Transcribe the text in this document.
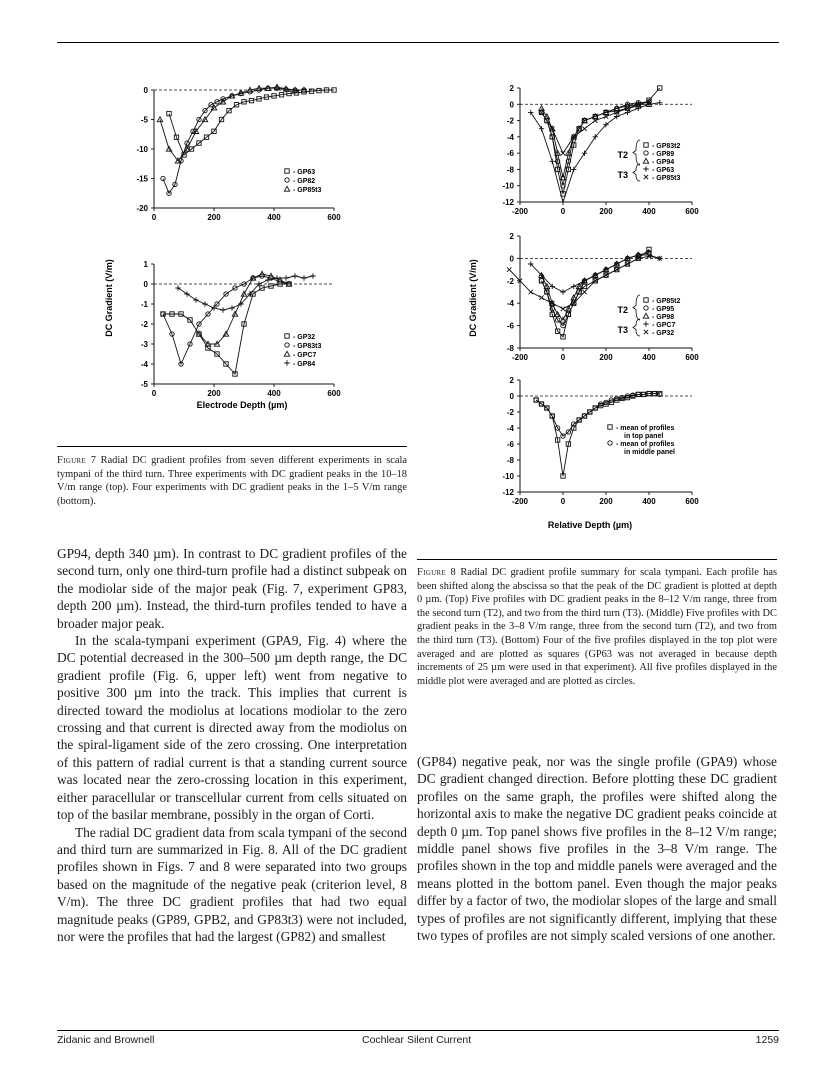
0
-5
-10
-15
-20
0	200	400	600
- GP63
- GP82
- GP85t3
1
0
-1
-2
-3
-4
-5
0	200	400	600
- GP32
- GP83t3
- GPC7
- GP84
DC Gradient (V/m)
Electrode Depth (µm)
Figure 7 Radial DC gradient profiles from seven different experiments in scala tympani of the third turn. Three experiments with DC gradient peaks in the 10–18 V/m range (top). Four experiments with DC gradient peaks in the 1–5 V/m range (bottom).
2
0
-2
-4
-6
-8
-10
-12
-200	0	200	400	600
- GP83t2
- GP89
- GP94
T2
- GP63
- GP85t3
T3
2
0
-2
-4
-6
-8
-200	0	200	400	600
- GP85t2
- GP95
- GP98
T2
- GPC7
- GP32
T3
2
0
-2
-4
-6
-8
-10
-12
-200	0	200	400	600
- mean of profiles
in top panel
- mean of profiles
in middle panel
DC Gradient (V/m)
Relative Depth (µm)
Figure 8 Radial DC gradient profile summary for scala tympani. Each profile has been shifted along the abscissa so that the peak of the DC gradient is plotted at depth 0 µm. (Top) Five profiles with DC gradient peaks in the 8–12 V/m range, three from the second turn (T2), and two from the third turn (T3). (Middle) Five profiles with DC gradient peaks in the 3–8 V/m range, three from the second turn (T2), and two from the third turn (T3). (Bottom) Four of the five profiles displayed in the top plot were averaged and are plotted as squares (GP63 was not averaged in because depth increments of 25 µm were used in that experiment). All five profiles displayed in the middle plot were averaged and are plotted as circles.

GP94, depth 340 µm). In contrast to DC gradient profiles of the second turn, only one third-turn profile had a distinct subpeak on the modiolar side of the major peak (Fig. 7, experiment GP83, depth 200 µm). Instead, the third-turn profiles tended to have a broader major peak.

In the scala-tympani experiment (GPA9, Fig. 4) where the DC potential decreased in the 300–500 µm depth range, the DC gradient profile (Fig. 6, upper left) went from negative to positive 300 µm into the track. This implies that current is directed toward the modiolus at locations modiolar to the zero crossing and that current is directed away from the modiolus on the spiral-ligament side of the zero crossing. One interpretation of this pattern of radial current is that a standing current source was located near the zero-crossing location in this experiment, either paracellular or transcellular current from cells situated on top of the basilar membrane, possibly in the organ of Corti.

The radial DC gradient data from scala tympani of the second and third turn are summarized in Fig. 8. All of the DC gradient profiles shown in Figs. 7 and 8 were separated into two groups based on the magnitude of the negative peak (criterion level, 8 V/m). The three DC gradient profiles that had two equal magnitude peaks (GP89, GPB2, and GP83t3) were not included, nor were the profiles that had the largest (GP82) and smallest

(GP84) negative peak, nor was the single profile (GPA9) whose DC gradient changed direction. Before plotting these DC gradient profiles on the same graph, the profiles were shifted along the horizontal axis to make the negative DC gradient peaks coincide at depth 0 µm. Top panel shows five profiles in the 8–12 V/m range; middle panel shows five profiles in the 3–8 V/m range. The profiles shown in the top and middle panels were averaged and the means plotted in the bottom panel. Even though the major peaks differ by a factor of two, the modiolar slopes of the large and small types of profiles are not significantly different, implying that these two types of profiles are not simply scaled versions of one another.

Zidanic and Brownell	Cochlear Silent Current	1259
